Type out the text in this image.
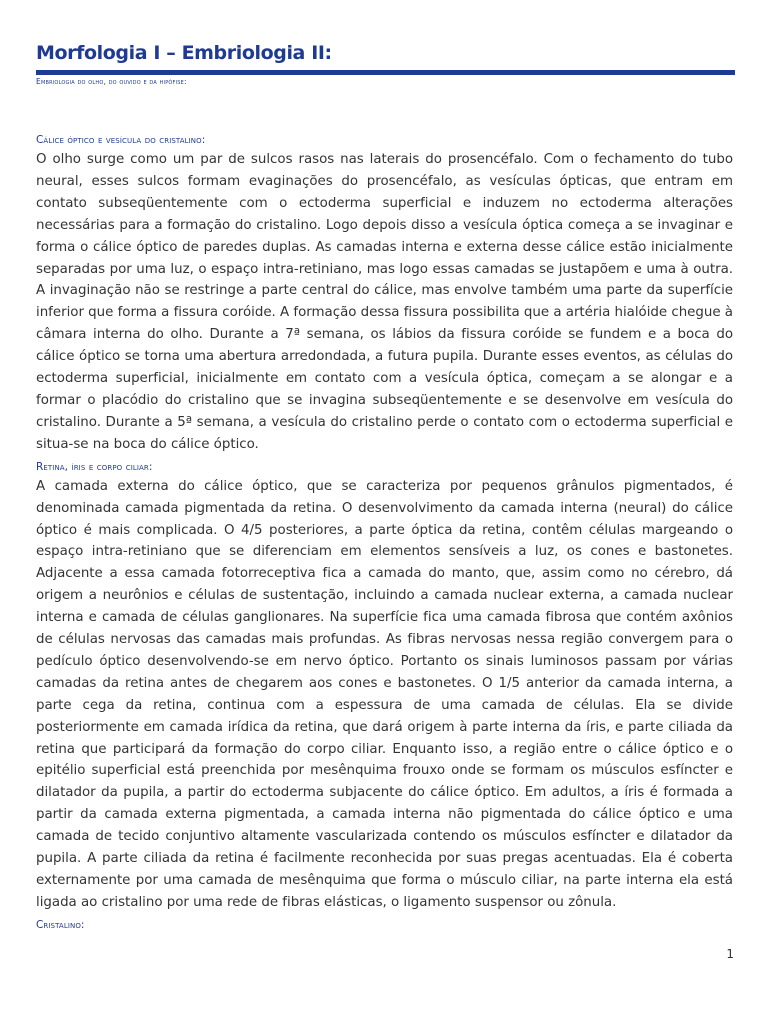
Morfologia I – Embriologia II:
Embriologia do olho, do ouvido e da hipófise:
Cálice óptico e vesícula do cristalino:

O olho surge como um par de sulcos rasos nas laterais do prosencéfalo. Com o fechamento do tubo neural, esses sulcos formam evaginações do prosencéfalo, as vesículas ópticas, que entram em contato subseqüentemente com o ectoderma superficial e induzem no ectoderma alterações necessárias para a formação do cristalino. Logo depois disso a vesícula óptica começa a se invaginar e forma o cálice óptico de paredes duplas. As camadas interna e externa desse cálice estão inicialmente separadas por uma luz, o espaço intra-retiniano, mas logo essas camadas se justapõem e uma à outra. A invaginação não se restringe a parte central do cálice, mas envolve também uma parte da superfície inferior que forma a fissura coróide. A formação dessa fissura possibilita que a artéria hialóide chegue à câmara interna do olho. Durante a 7ª semana, os lábios da fissura coróide se fundem e a boca do cálice óptico se torna uma abertura arredondada, a futura pupila. Durante esses eventos, as células do ectoderma superficial, inicialmente em contato com a vesícula óptica, começam a se alongar e a formar o placódio do cristalino que se invagina subseqüentemente e se desenvolve em vesícula do cristalino. Durante a 5ª semana, a vesícula do cristalino perde o contato com o ectoderma superficial e situa-se na boca do cálice óptico.

Retina, íris e corpo ciliar:

A camada externa do cálice óptico, que se caracteriza por pequenos grânulos pigmentados, é denominada camada pigmentada da retina. O desenvolvimento da camada interna (neural) do cálice óptico é mais complicada. O 4/5 posteriores, a parte óptica da retina, contêm células margeando o espaço intra-retiniano que se diferenciam em elementos sensíveis a luz, os cones e bastonetes. Adjacente a essa camada fotorreceptiva fica a camada do manto, que, assim como no cérebro, dá origem a neurônios e células de sustentação, incluindo a camada nuclear externa, a camada nuclear interna e camada de células ganglionares. Na superfície fica uma camada fibrosa que contém axônios de células nervosas das camadas mais profundas. As fibras nervosas nessa região convergem para o pedículo óptico desenvolvendo-se em nervo óptico. Portanto os sinais luminosos passam por várias camadas da retina antes de chegarem aos cones e bastonetes. O 1/5 anterior da camada interna, a parte cega da retina, continua com a espessura de uma camada de células. Ela se divide posteriormente em camada irídica da retina, que dará origem à parte interna da íris, e parte ciliada da retina que participará da formação do corpo ciliar. Enquanto isso, a região entre o cálice óptico e o epitélio superficial está preenchida por mesênquima frouxo onde se formam os músculos esfíncter e dilatador da pupila, a partir do ectoderma subjacente do cálice óptico. Em adultos, a íris é formada a partir da camada externa pigmentada, a camada interna não pigmentada do cálice óptico e uma camada de tecido conjuntivo altamente vascularizada contendo os músculos esfíncter e dilatador da pupila. A parte ciliada da retina é facilmente reconhecida por suas pregas acentuadas. Ela é coberta externamente por uma camada de mesênquima que forma o músculo ciliar, na parte interna ela está ligada ao cristalino por uma rede de fibras elásticas, o ligamento suspensor ou zônula.

Cristalino:
1
